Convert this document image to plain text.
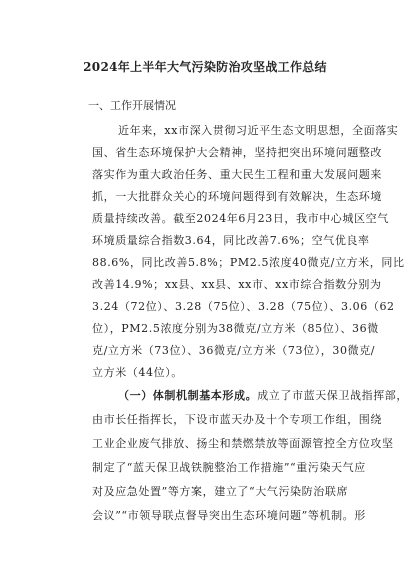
2024年上半年大气污染防治攻坚战工作总结
一、工作开展情况
近年来，xx市深入贯彻习近平生态文明思想，全面落实
国、省生态环境保护大会精神，坚持把突出环境问题整改
落实作为重大政治任务、重大民生工程和重大发展问题来
抓，一大批群众关心的环境问题得到有效解决，生态环境
质量持续改善。截至2024年6月23日，我市中心城区空气
环境质量综合指数3.64，同比改善7.6%；空气优良率
88.6%，同比改善5.8%；PM2.5浓度40微克/立方米，同比
改善14.9%；xx县、xx县、xx市、xx市综合指数分别为
3.24（72位）、3.28（75位）、3.28（75位）、3.06（62
位），PM2.5浓度分别为38微克/立方米（85位）、36微
克/立方米（73位）、36微克/立方米（73位），30微克/
立方米（44位）。
（一）体制机制基本形成。成立了市蓝天保卫战指挥部，
由市长任指挥长，下设市蓝天办及十个专项工作组，围绕
工业企业废气排放、扬尘和禁燃禁放等面源管控全方位攻坚
制定了“蓝天保卫战铁腕整治工作措施”“重污染天气应
对及应急处置”等方案，建立了“大气污染防治联席
会议”“市领导联点督导突出生态环境问题”等机制。形
